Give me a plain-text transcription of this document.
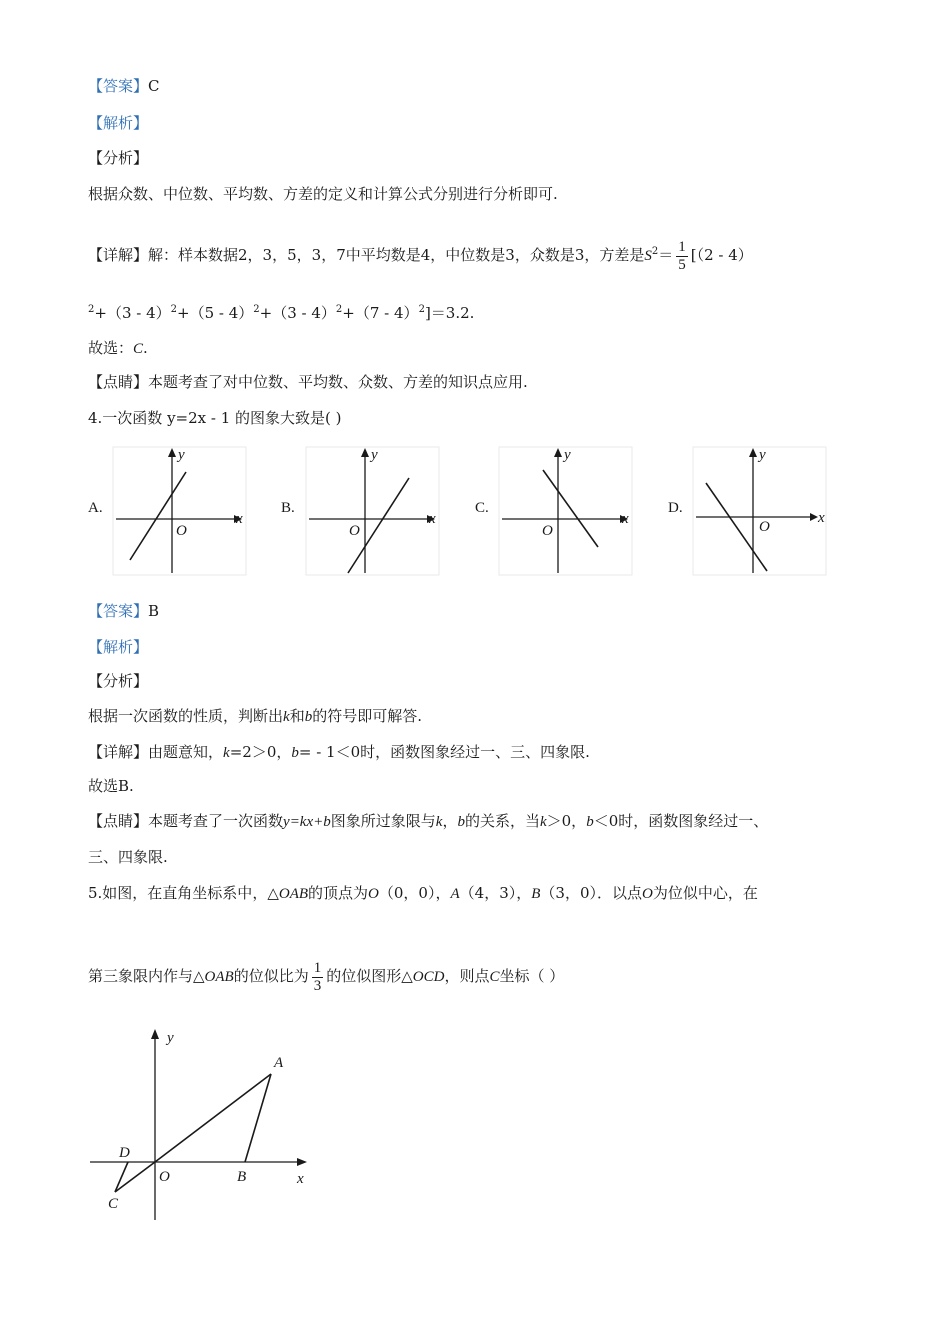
【答案】C
【解析】
【分析】
根据众数、中位数、平均数、方差的定义和计算公式分别进行分析即可.
【详解】解：样本数据2，3，5，3，7中平均数是4，中位数是3，众数是3，方差是$S^2= \frac{1}{5} [(2 - 4)$
$^2$+（3 - 4）$^2$+（5 - 4）$^2$+（3 - 4）$^2$+（7 - 4）$^2$]＝3.2.
故选：C.
【点睛】本题考查了对中位数、平均数、众数、方差的知识点应用.
4.一次函数 y=2x - 1 的图象大致是( )
A.	B.	C.	D.
x
y
O
x
y
O
x
y
O
x
y
O
【答案】B
【解析】
【分析】
根据一次函数的性质，判断出k和b的符号即可解答.
【详解】由题意知，k=2＞0，b= - 1＜0时，函数图象经过一、三、四象限.
故选B.
【点睛】本题考查了一次函数y=kx+b图象所过象限与k，b的关系，当k＞0，b＜0时，函数图象经过一、
三、四象限.
5.如图，在直角坐标系中，△OAB的顶点为O（0，0），A（4，3），B（3，0）．以点O为位似中心，在
第三象限内作与△OAB的位似比为 $\frac{1}{3}$ 的位似图形△OCD，则点C坐标（ ）
y
x
A
B
C
D
O
